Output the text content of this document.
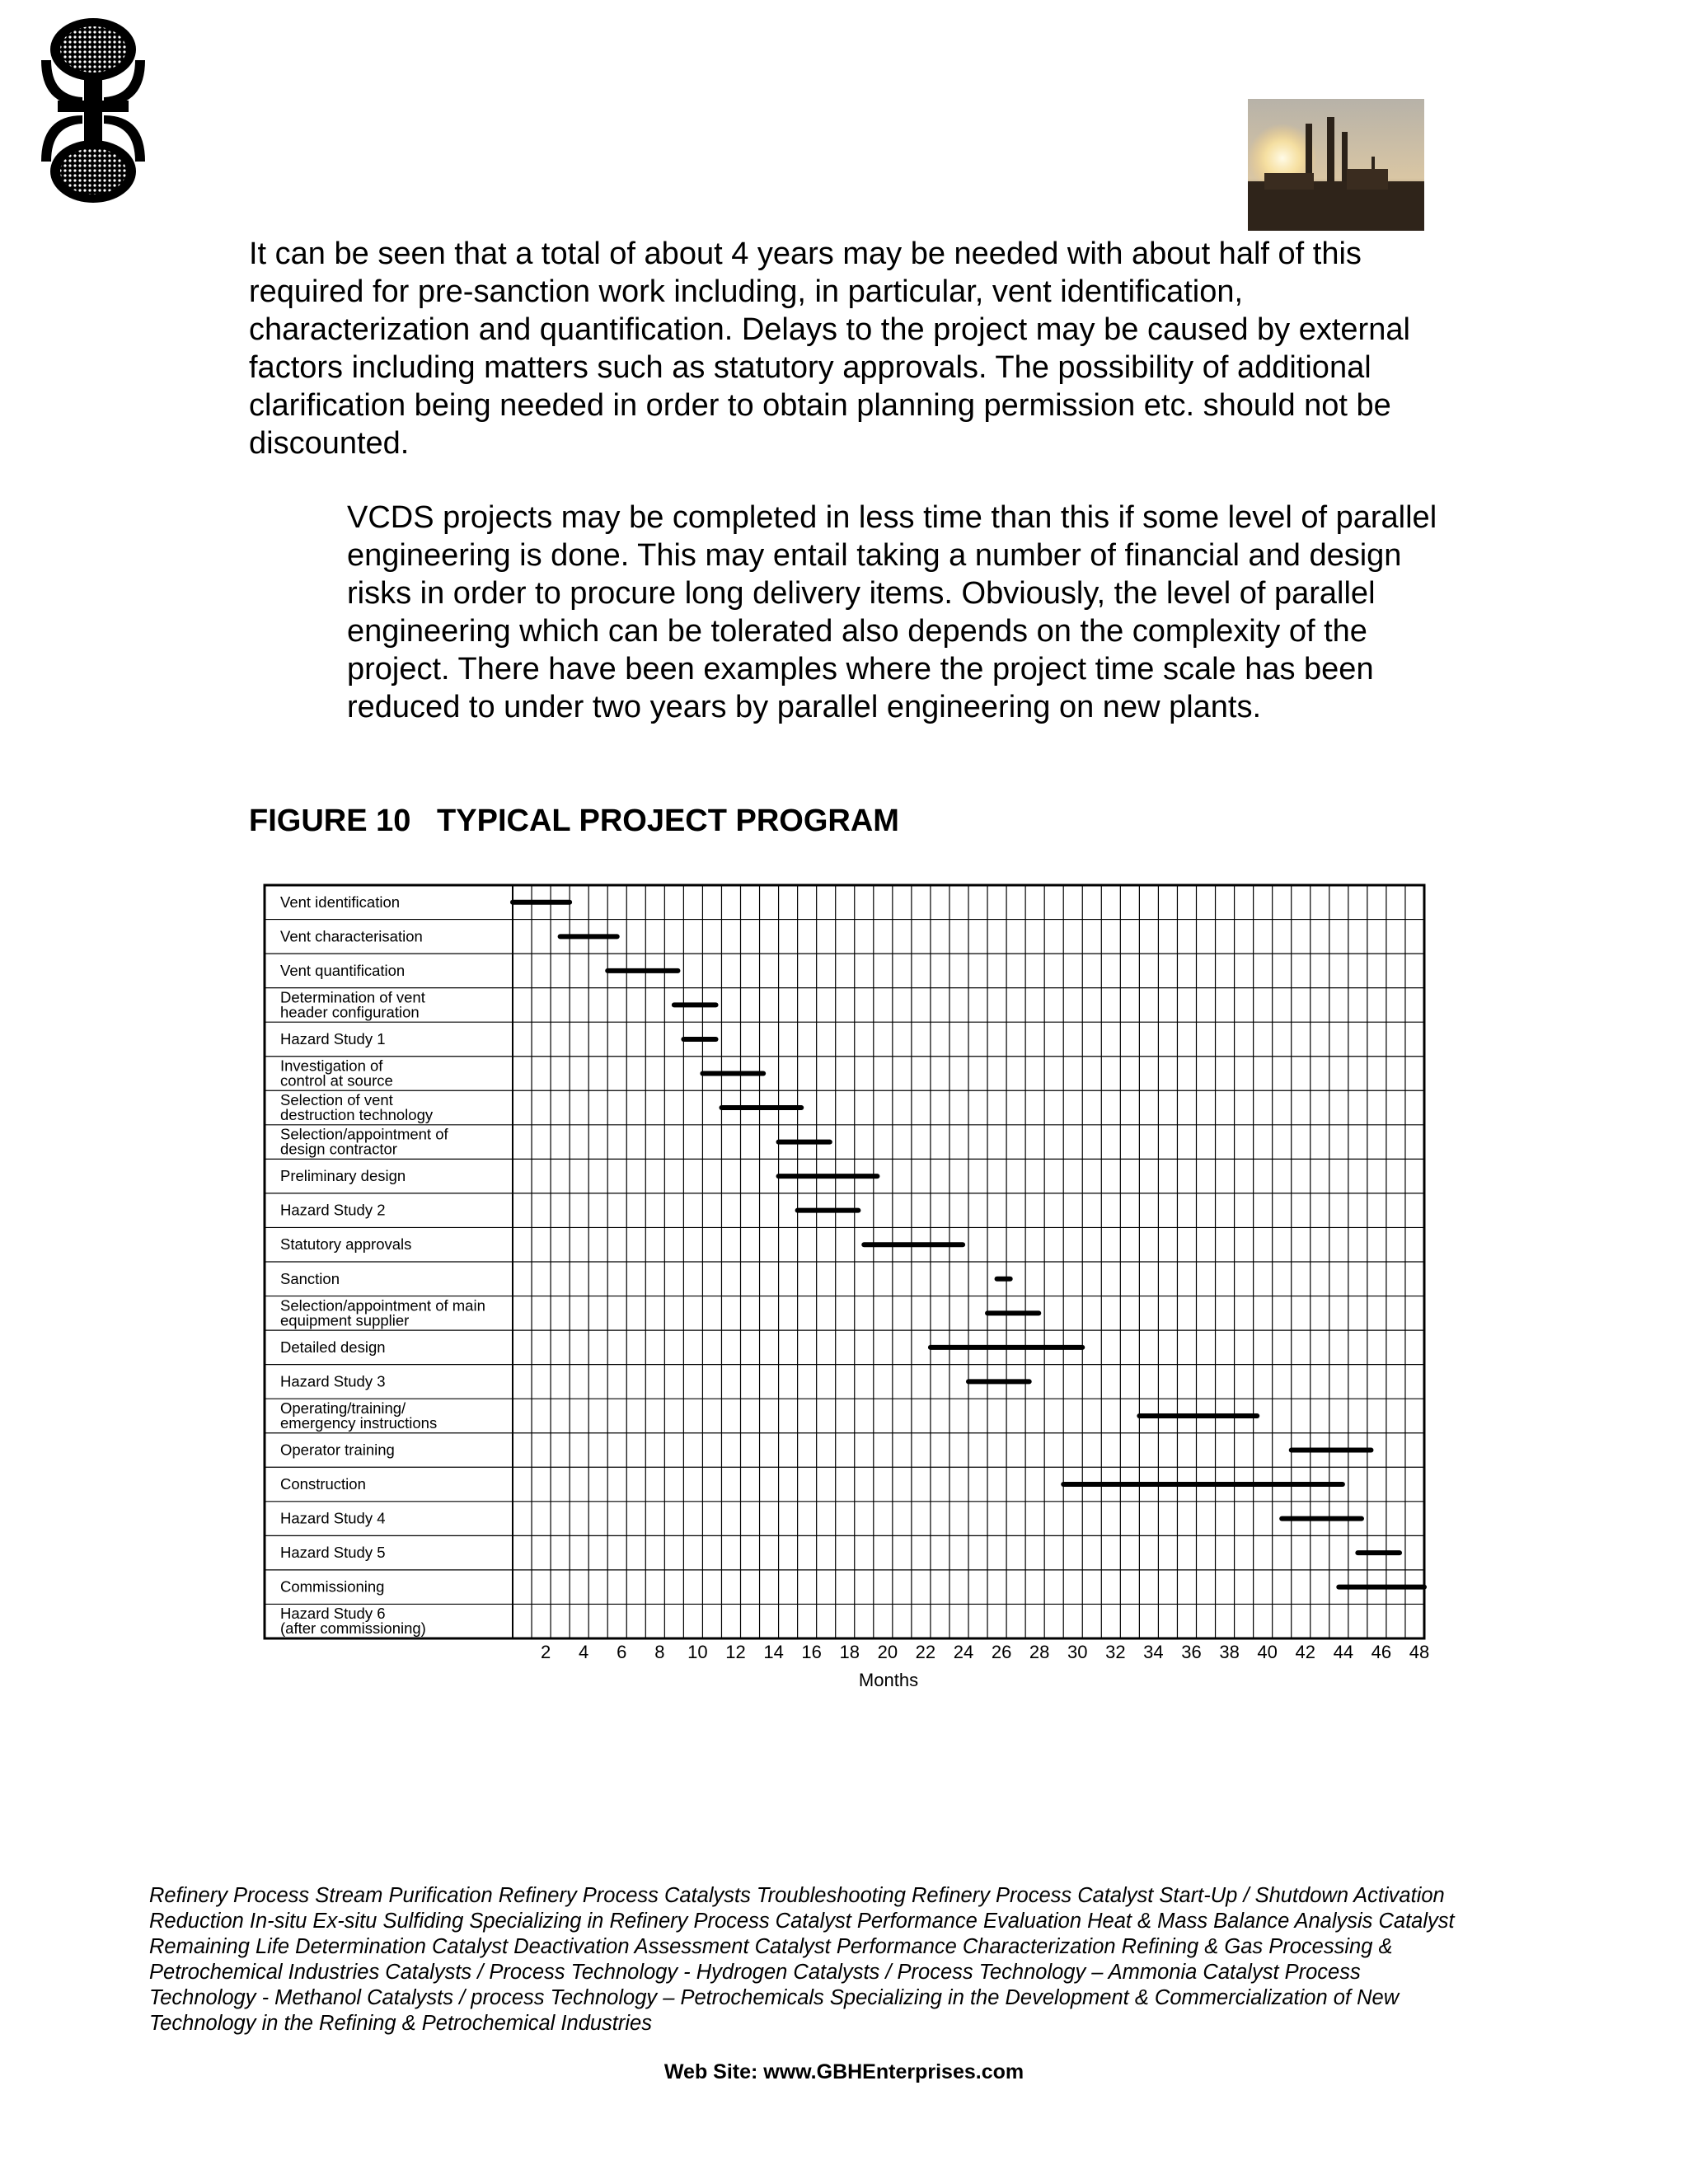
It can be seen that a total of about 4 years may be needed with about half of this required for pre-sanction work including, in particular, vent identification, characterization and quantification. Delays to the project may be caused by external factors including matters such as statutory approvals. The possibility of additional clarification being needed in order to obtain planning permission etc. should not be discounted.

VCDS projects may be completed in less time than this if some level of parallel engineering is done. This may entail taking a number of financial and design risks in order to procure long delivery items. Obviously, the level of parallel engineering which can be tolerated also depends on the complexity of the project. There have been examples where the project time scale has been reduced to under two years by parallel engineering on new plants.

FIGURE 10   TYPICAL PROJECT PROGRAM
Vent identification
Vent characterisation
Vent quantification
Determination of vent
header configuration
Hazard Study 1
Investigation of
control at source
Selection of vent
destruction technology
Selection/appointment of
design contractor
Preliminary design
Hazard Study 2
Statutory approvals
Sanction
Selection/appointment of main
equipment supplier
Detailed design
Hazard Study 3
Operating/training/
emergency instructions
Operator training
Construction
Hazard Study 4
Hazard Study 5
Commissioning
Hazard Study 6
(after commissioning)
2 4 6 8 10 12 14 16 18 20 22 24 26 28 30 32 34 36 38 40 42 44 46 48
Months

Refinery Process Stream Purification Refinery Process Catalysts Troubleshooting Refinery Process Catalyst Start-Up / Shutdown Activation Reduction In-situ Ex-situ Sulfiding Specializing in Refinery Process Catalyst Performance Evaluation Heat & Mass Balance Analysis Catalyst Remaining Life Determination Catalyst Deactivation Assessment Catalyst Performance Characterization Refining & Gas Processing & Petrochemical Industries Catalysts / Process Technology - Hydrogen Catalysts / Process Technology – Ammonia Catalyst Process Technology - Methanol Catalysts / process Technology – Petrochemicals Specializing in the Development & Commercialization of New Technology in the Refining & Petrochemical Industries

Web Site: www.GBHEnterprises.com
